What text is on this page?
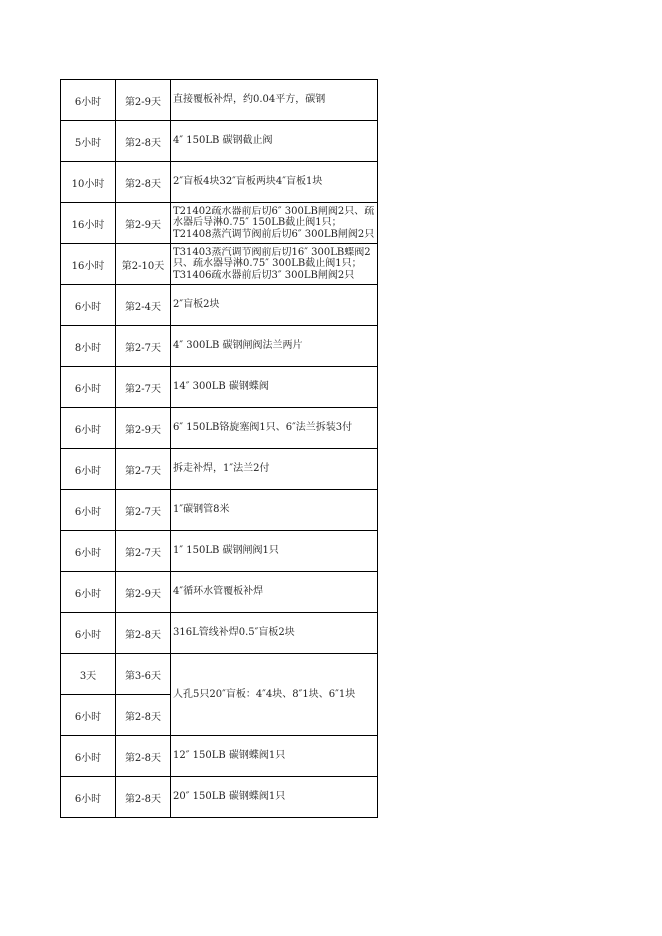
6小时	第2-9天	直接覆板补焊，约0.04平方，碳钢
5小时	第2-8天	4″ 150LB 碳钢截止阀
10小时	第2-8天	2″盲板4块32″盲板两块4″盲板1块
16小时	第2-9天	T21402疏水器前后切6″ 300LB闸阀2只、疏水器后导淋0.75″ 150LB截止阀1只；T21408蒸汽调节阀前后切6″ 300LB闸阀2只

16小时	第2-10天	T31403蒸汽调节阀前后切16″ 300LB蝶阀2只、疏水器导淋0.75″ 300LB截止阀1只；T31406疏水器前后切3″ 300LB闸阀2只

6小时	第2-4天	2″盲板2块
8小时	第2-7天	4″ 300LB 碳钢闸阀法兰两片
6小时	第2-7天	14″ 300LB 碳钢蝶阀
6小时	第2-9天	6″ 150LB铬旋塞阀1只、6″法兰拆装3付
6小时	第2-7天	拆走补焊，1″法兰2付
6小时	第2-7天	1″碳钢管8米
6小时	第2-7天	1″ 150LB 碳钢闸阀1只
6小时	第2-9天	4″循环水管覆板补焊
6小时	第2-8天	316L管线补焊0.5″盲板2块
3天	第3-6天	人孔5只20″盲板：4″4块、8″1块、6″1块
6小时	第2-8天	
6小时	第2-8天	12″ 150LB 碳钢蝶阀1只
6小时	第2-8天	20″ 150LB 碳钢蝶阀1只
